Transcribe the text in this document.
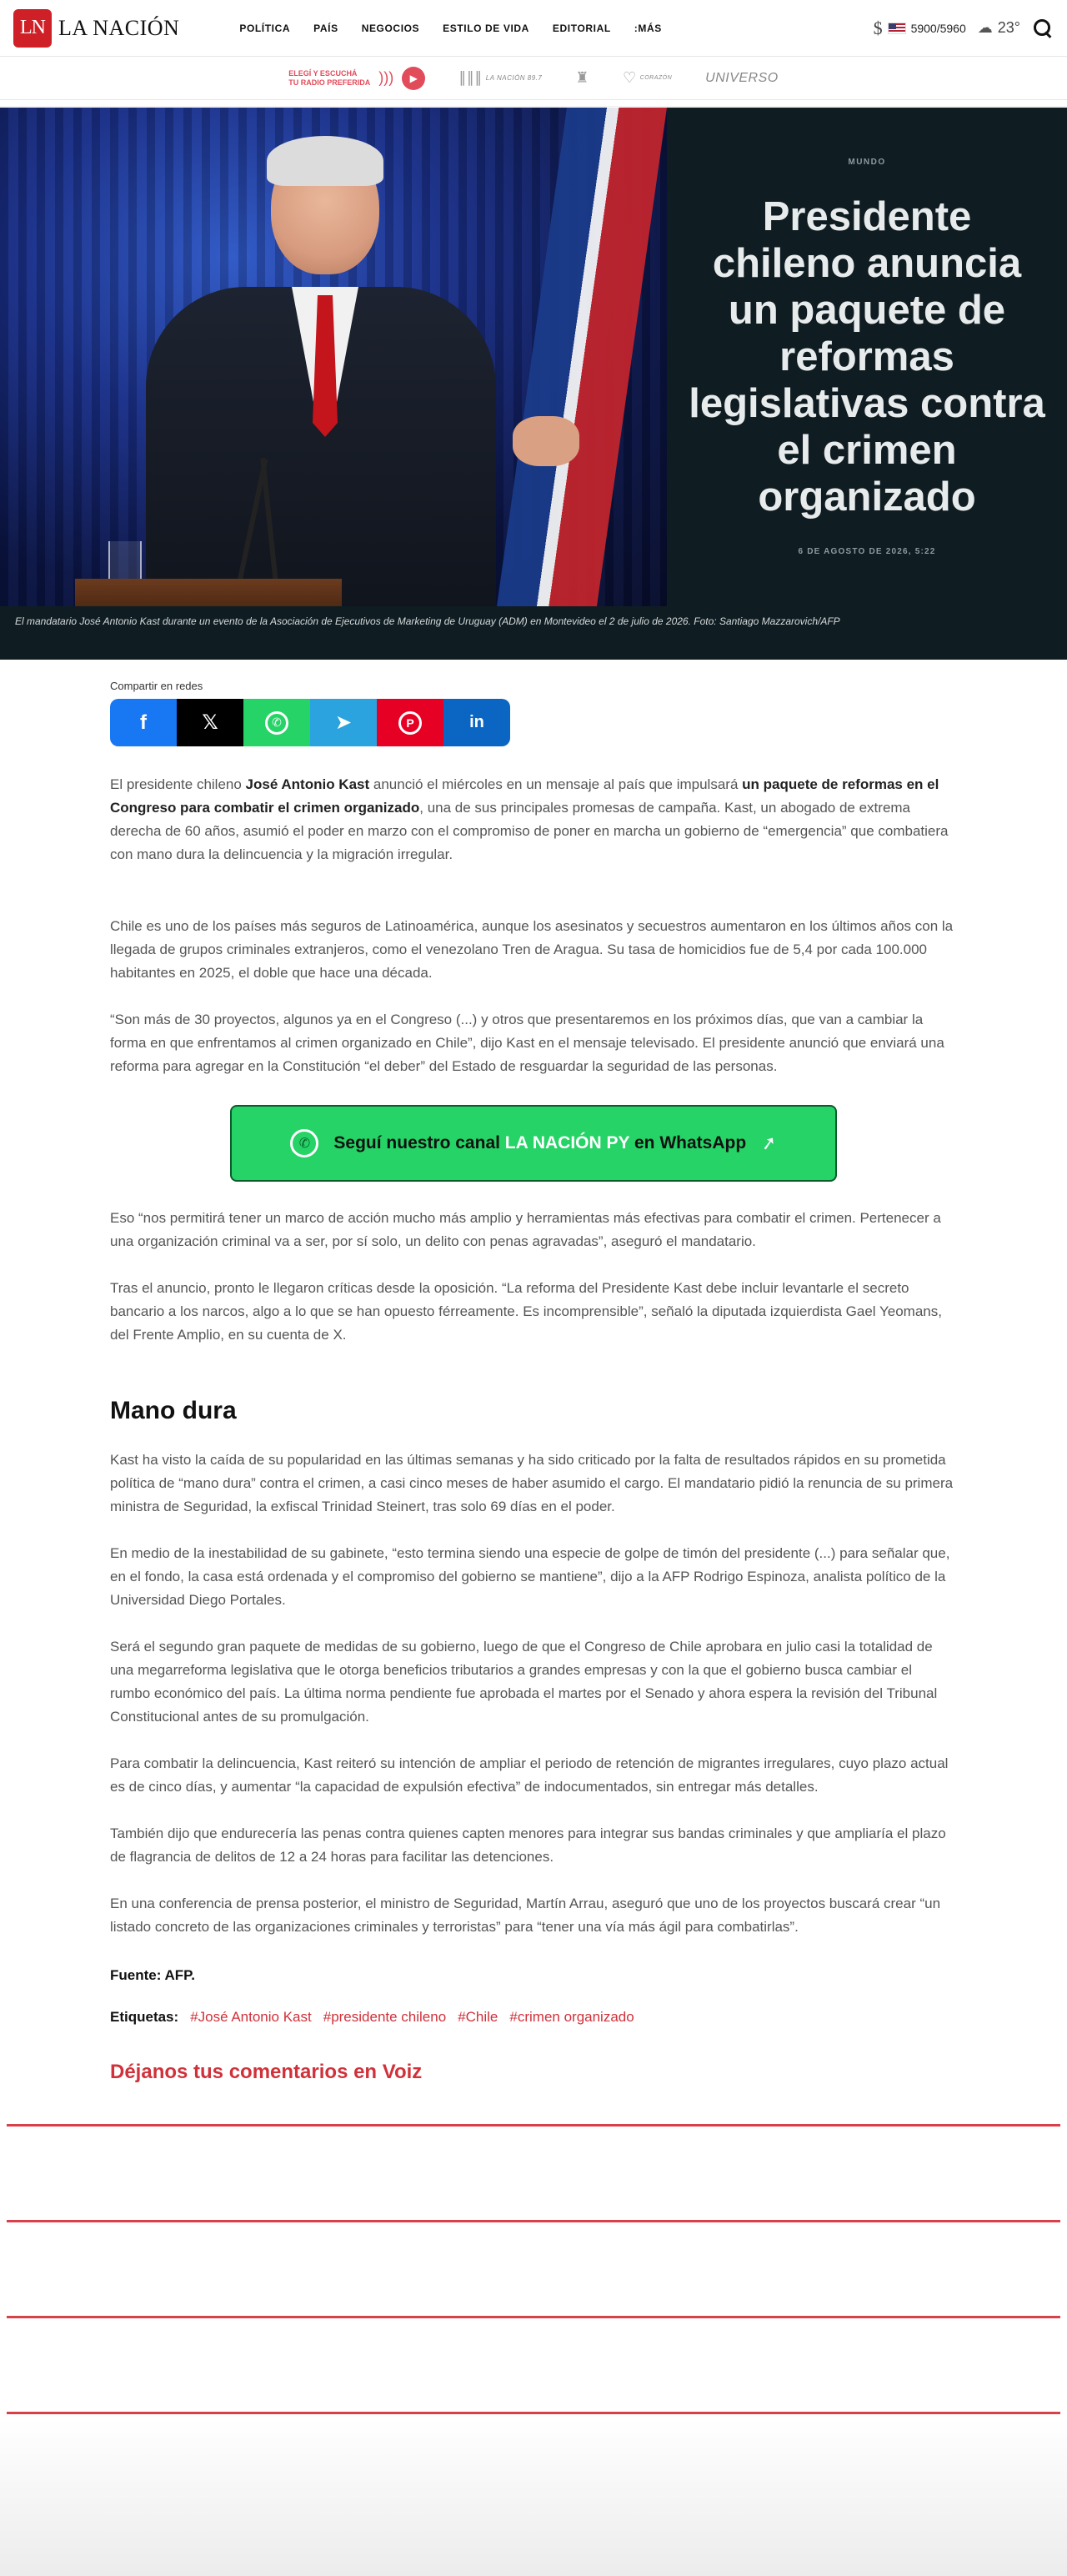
LN LA NACIÓN	POLÍTICA PAÍS NEGOCIOS ESTILO DE VIDA EDITORIAL :MÁS	$ 5900/5960 ☁ 23°
ELEGÍ Y ESCUCHÁ
TU RADIO PREFERIDA )))	▶	∥∥∥ LA NACIÓN 89.7 ♜ ♡ CORAZÓN	UNIVERSO
MUNDO
Presidente chileno anuncia un paquete de reformas legislativas contra el crimen organizado
6 DE AGOSTO DE 2026, 5:22
El mandatario José Antonio Kast durante un evento de la Asociación de Ejecutivos de Marketing de Uruguay (ADM) en Montevideo el 2 de julio de 2026. Foto: Santiago Mazzarovich/AFP
Compartir en redes
f	𝕏	✆	➤	P	in

El presidente chileno José Antonio Kast anunció el miércoles en un mensaje al país que impulsará un paquete de reformas en el Congreso para combatir el crimen organizado, una de sus principales promesas de campaña. Kast, un abogado de extrema derecha de 60 años, asumió el poder en marzo con el compromiso de poner en marcha un gobierno de “emergencia” que combatiera con mano dura la delincuencia y la migración irregular.

Chile es uno de los países más seguros de Latinoamérica, aunque los asesinatos y secuestros aumentaron en los últimos años con la llegada de grupos criminales extranjeros, como el venezolano Tren de Aragua. Su tasa de homicidios fue de 5,4 por cada 100.000 habitantes en 2025, el doble que hace una década.

“Son más de 30 proyectos, algunos ya en el Congreso (...) y otros que presentaremos en los próximos días, que van a cambiar la forma en que enfrentamos al crimen organizado en Chile”, dijo Kast en el mensaje televisado. El presidente anunció que enviará una reforma para agregar en la Constitución “el deber” del Estado de resguardar la seguridad de las personas.

✆	Seguí nuestro canal LA NACIÓN PY en WhatsApp ➚

Eso “nos permitirá tener un marco de acción mucho más amplio y herramientas más efectivas para combatir el crimen. Pertenecer a una organización criminal va a ser, por sí solo, un delito con penas agravadas”, aseguró el mandatario.

Tras el anuncio, pronto le llegaron críticas desde la oposición. “La reforma del Presidente Kast debe incluir levantarle el secreto bancario a los narcos, algo a lo que se han opuesto férreamente. Es incomprensible”, señaló la diputada izquierdista Gael Yeomans, del Frente Amplio, en su cuenta de X.

Mano dura

Kast ha visto la caída de su popularidad en las últimas semanas y ha sido criticado por la falta de resultados rápidos en su prometida política de “mano dura” contra el crimen, a casi cinco meses de haber asumido el cargo. El mandatario pidió la renuncia de su primera ministra de Seguridad, la exfiscal Trinidad Steinert, tras solo 69 días en el poder.

En medio de la inestabilidad de su gabinete, “esto termina siendo una especie de golpe de timón del presidente (...) para señalar que, en el fondo, la casa está ordenada y el compromiso del gobierno se mantiene”, dijo a la AFP Rodrigo Espinoza, analista político de la Universidad Diego Portales.

Será el segundo gran paquete de medidas de su gobierno, luego de que el Congreso de Chile aprobara en julio casi la totalidad de una megarreforma legislativa que le otorga beneficios tributarios a grandes empresas y con la que el gobierno busca cambiar el rumbo económico del país. La última norma pendiente fue aprobada el martes por el Senado y ahora espera la revisión del Tribunal Constitucional antes de su promulgación.

Para combatir la delincuencia, Kast reiteró su intención de ampliar el periodo de retención de migrantes irregulares, cuyo plazo actual es de cinco días, y aumentar “la capacidad de expulsión efectiva” de indocumentados, sin entregar más detalles.

También dijo que endurecería las penas contra quienes capten menores para integrar sus bandas criminales y que ampliaría el plazo de flagrancia de delitos de 12 a 24 horas para facilitar las detenciones.

En una conferencia de prensa posterior, el ministro de Seguridad, Martín Arrau, aseguró que uno de los proyectos buscará crear “un listado concreto de las organizaciones criminales y terroristas” para “tener una vía más ágil para combatirlas”.

Fuente: AFP.
Etiquetas: #José Antonio Kast #presidente chileno #Chile #crimen organizado
Déjanos tus comentarios en Voiz
